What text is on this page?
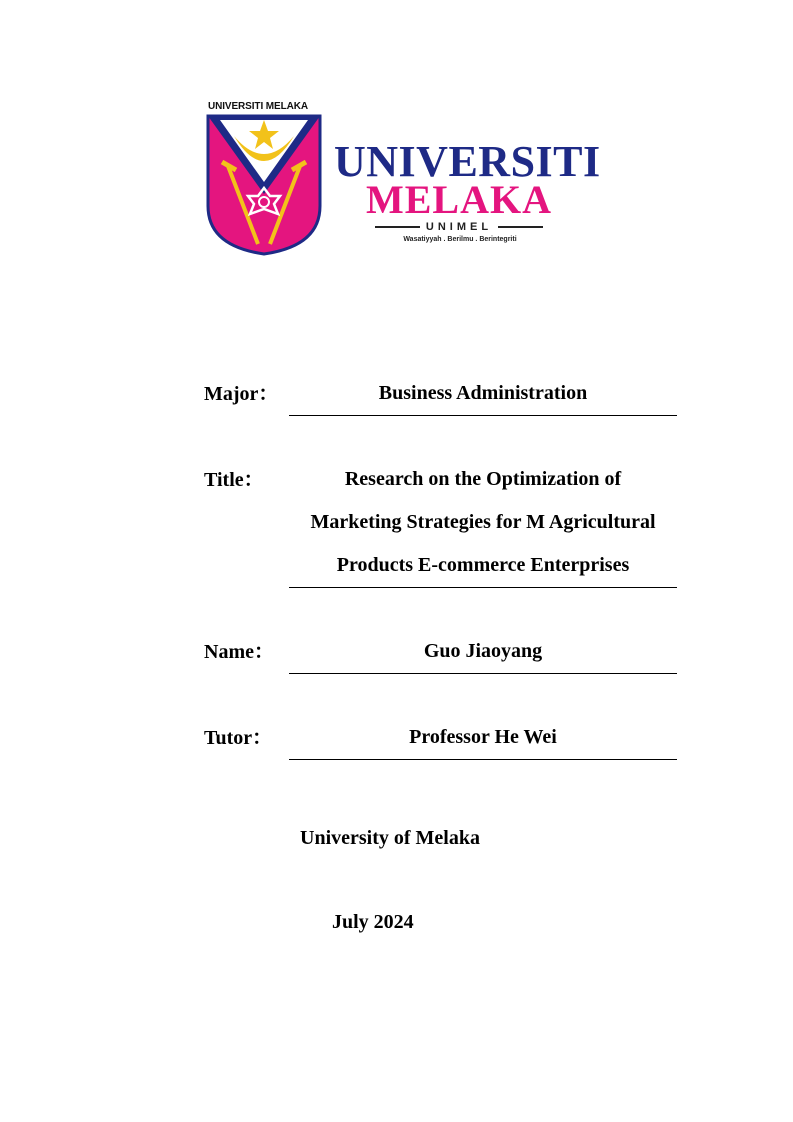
UNIVERSITI MELAKA
UNIVERSITI
MELAKA
UNIMEL
Wasatiyyah . Berilmu . Berintegriti
Major：	Business Administration
Title：	Research on the Optimization of
Marketing Strategies for M Agricultural
Products E-commerce Enterprises
Name：	Guo Jiaoyang
Tutor：	Professor He Wei
University of Melaka
July 2024
